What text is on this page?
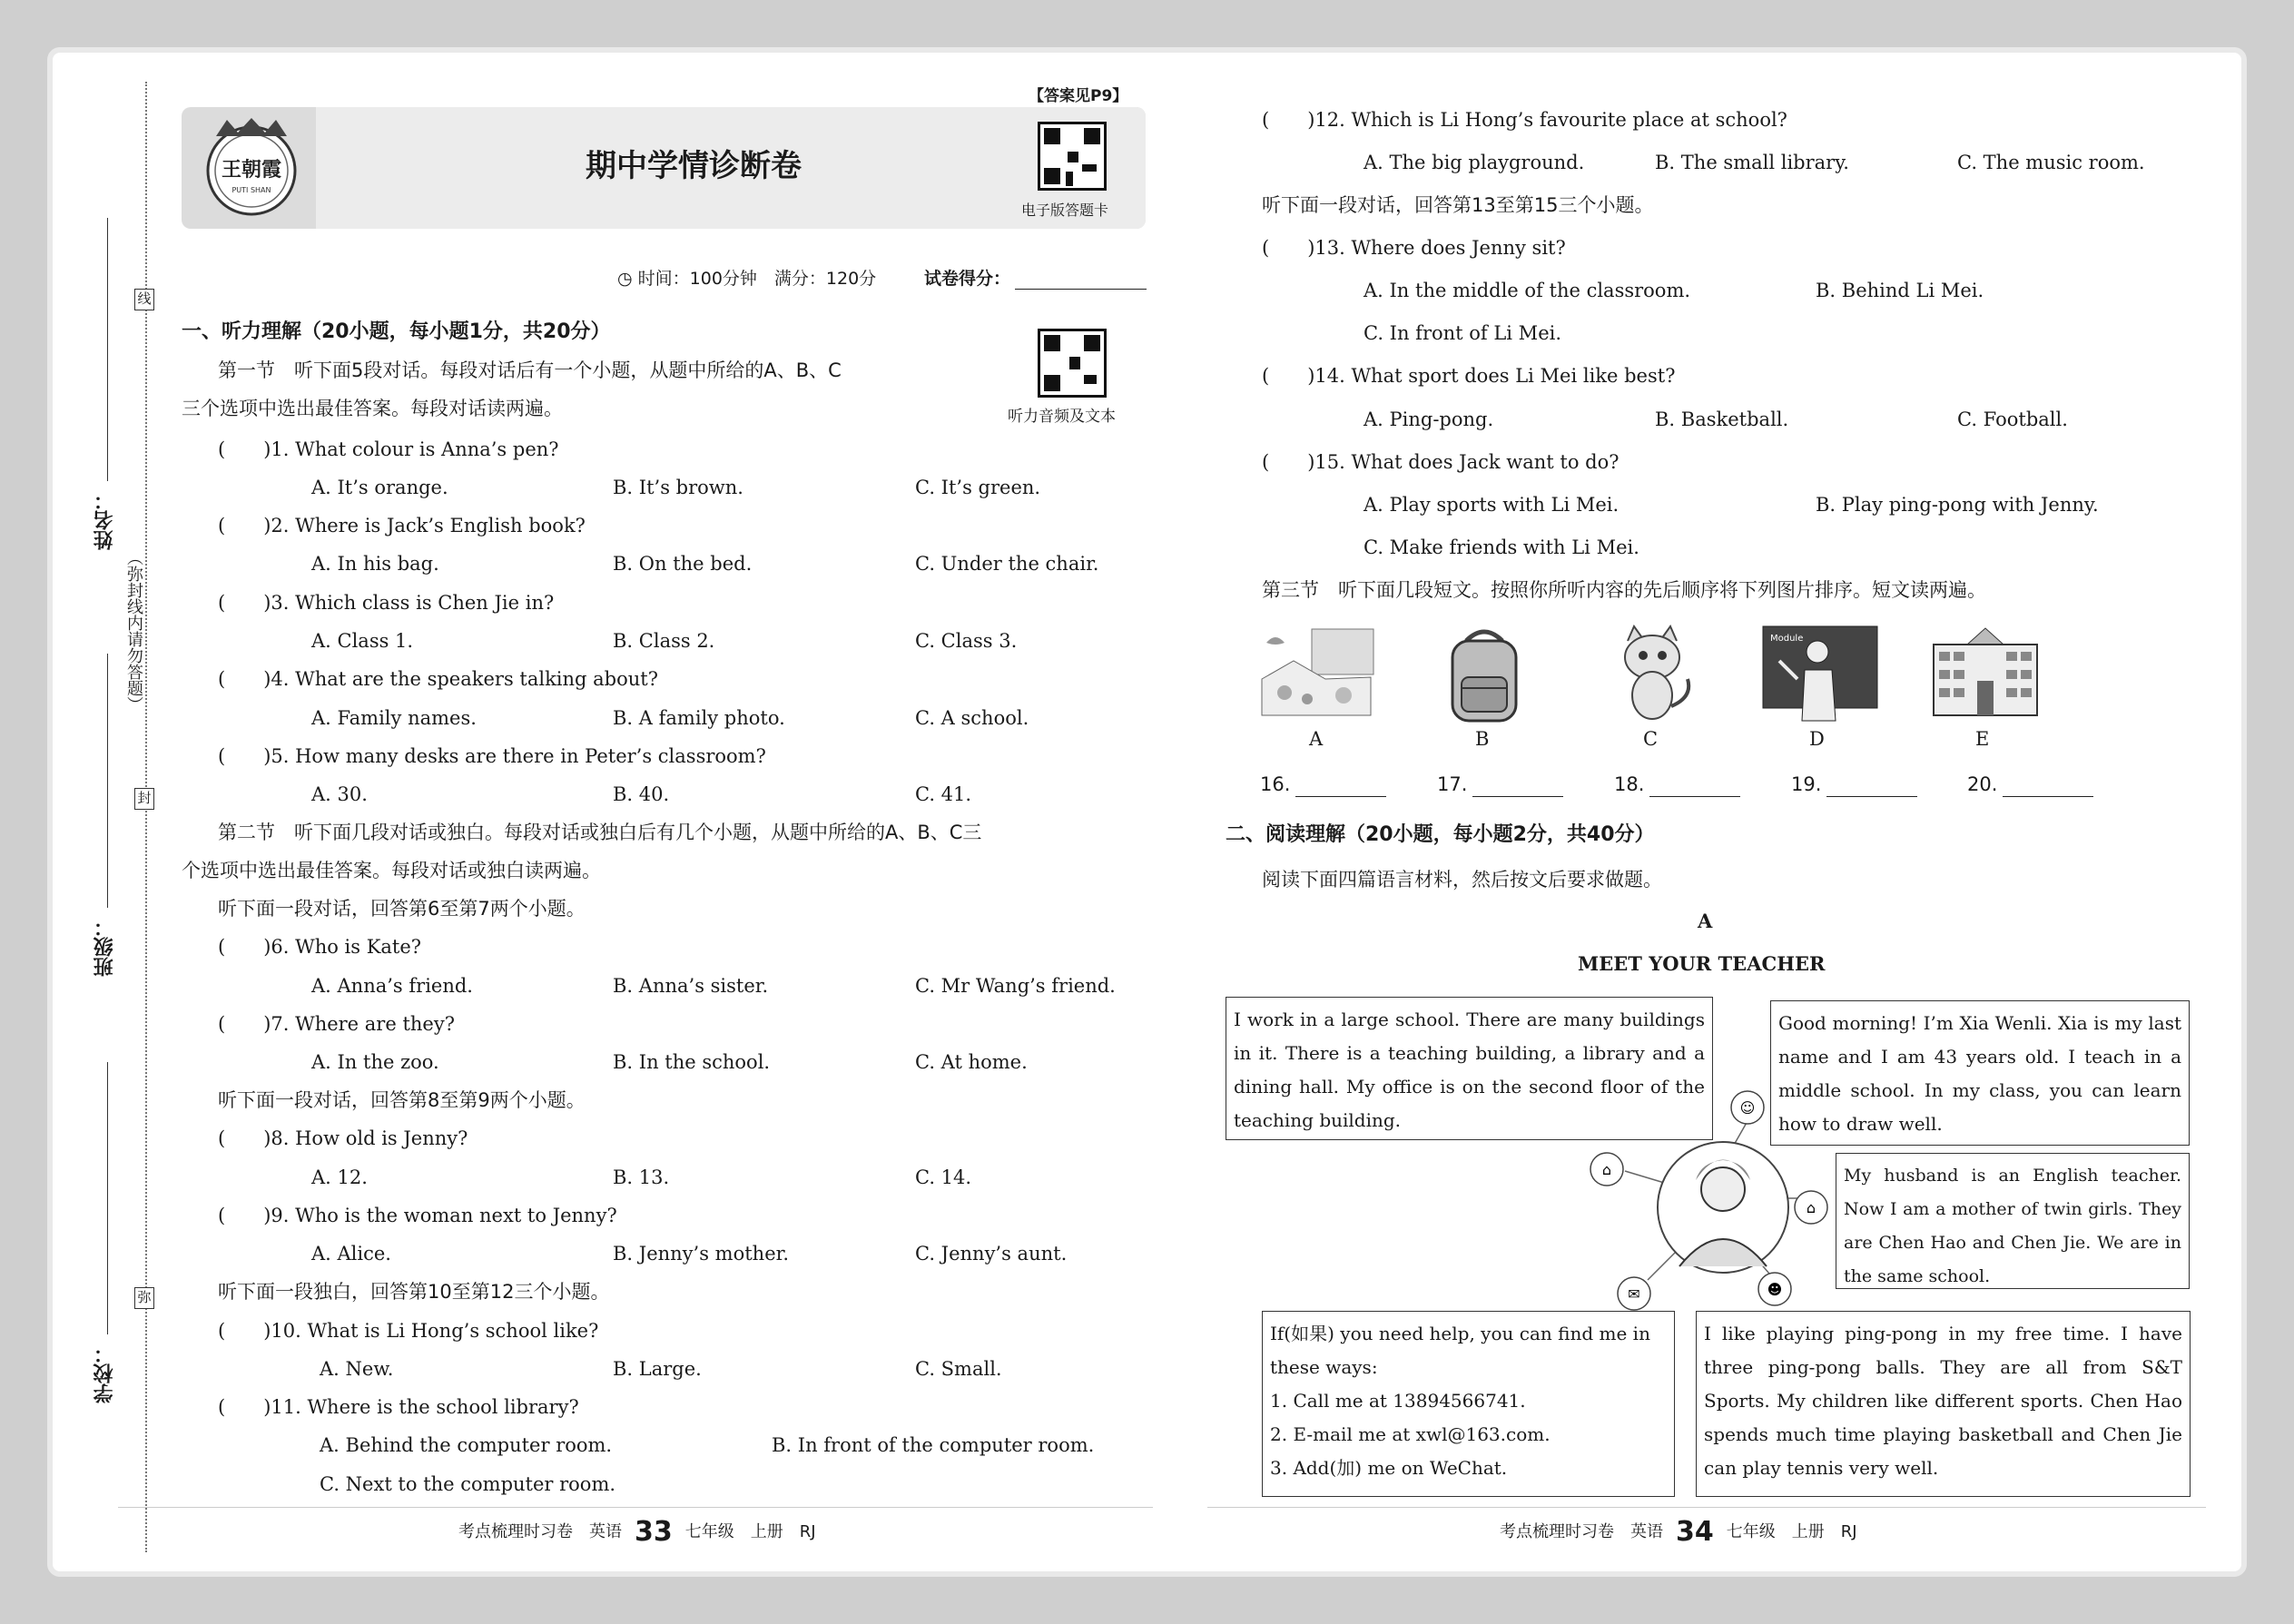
线
封
弥
（弥封线内请勿答题）
姓名：
班级：
学校：
王朝霞
PUTI SHAN
期中学情诊断卷
【答案见P9】
电子版答题卡
◷ 时间：100分钟　满分：120分	试卷得分：
一、听力理解（20小题，每小题1分，共20分）
第一节　听下面5段对话。每段对话后有一个小题，从题中所给的A、B、C
三个选项中选出最佳答案。每段对话读两遍。	听力音频及文本
(　　)1. What colour is Anna’s pen?
A. It’s orange.	B. It’s brown.	C. It’s green.
(　　)2. Where is Jack’s English book?
A. In his bag.	B. On the bed.	C. Under the chair.
(　　)3. Which class is Chen Jie in?
A. Class 1.	B. Class 2.	C. Class 3.
(　　)4. What are the speakers talking about?
A. Family names.	B. A family photo.	C. A school.
(　　)5. How many desks are there in Peter’s classroom?
A. 30.	B. 40.	C. 41.
第二节　听下面几段对话或独白。每段对话或独白后有几个小题，从题中所给的A、B、C三
个选项中选出最佳答案。每段对话或独白读两遍。
听下面一段对话，回答第6至第7两个小题。
(　　)6. Who is Kate?
A. Anna’s friend.	B. Anna’s sister.	C. Mr Wang’s friend.
(　　)7. Where are they?
A. In the zoo.	B. In the school.	C. At home.
听下面一段对话，回答第8至第9两个小题。
(　　)8. How old is Jenny?
A. 12.	B. 13.	C. 14.
(　　)9. Who is the woman next to Jenny?
A. Alice.	B. Jenny’s mother.	C. Jenny’s aunt.
听下面一段独白，回答第10至第12三个小题。
(　　)10. What is Li Hong’s school like?
A. New.	B. Large.	C. Small.
(　　)11. Where is the school library?
A. Behind the computer room.	B. In front of the computer room.
C. Next to the computer room.
考点梳理时习卷　 英语 33 七年级　 上册　 RJ
(　　)12. Which is Li Hong’s favourite place at school?
A. The big playground.	B. The small library.	C. The music room.
听下面一段对话，回答第13至第15三个小题。
(　　)13. Where does Jenny sit?
A. In the middle of the classroom.	B. Behind Li Mei.
C. In front of Li Mei.
(　　)14. What sport does Li Mei like best?
A. Ping-pong.	B. Basketball.	C. Football.
(　　)15. What does Jack want to do?
A. Play sports with Li Mei.	B. Play ping-pong with Jenny.
C. Make friends with Li Mei.
第三节　听下面几段短文。按照你所听内容的先后顺序将下列图片排序。短文读两遍。
A	B	C
Module
D	E
16.	17.	18.	19.	20.
二、阅读理解（20小题，每小题2分，共40分）
阅读下面四篇语言材料，然后按文后要求做题。
A
MEET YOUR TEACHER
☺
⌂
⌂
✉	☻
I work in a large school. There are many buildings in it. There is a teaching building, a library and a dining hall. My office is on the second floor of the teaching building.
Good morning! I’m Xia Wenli. Xia is my last name and I am 43 years old. I teach in a middle school. In my class, you can learn how to draw well.
My husband is an English teacher. Now I am a mother of twin girls. They are Chen Hao and Chen Jie. We are in the same school.
If(如果) you need help, you can find me in
these ways:
1. Call me at 13894566741.
2. E-mail me at xwl@163.com.
3. Add(加) me on WeChat.
I like playing ping-pong in my free time. I have three ping-pong balls. They are all from S&T Sports. My children like different sports. Chen Hao spends much time playing basketball and Chen Jie can play tennis very well.
考点梳理时习卷　 英语 34 七年级　 上册　 RJ
